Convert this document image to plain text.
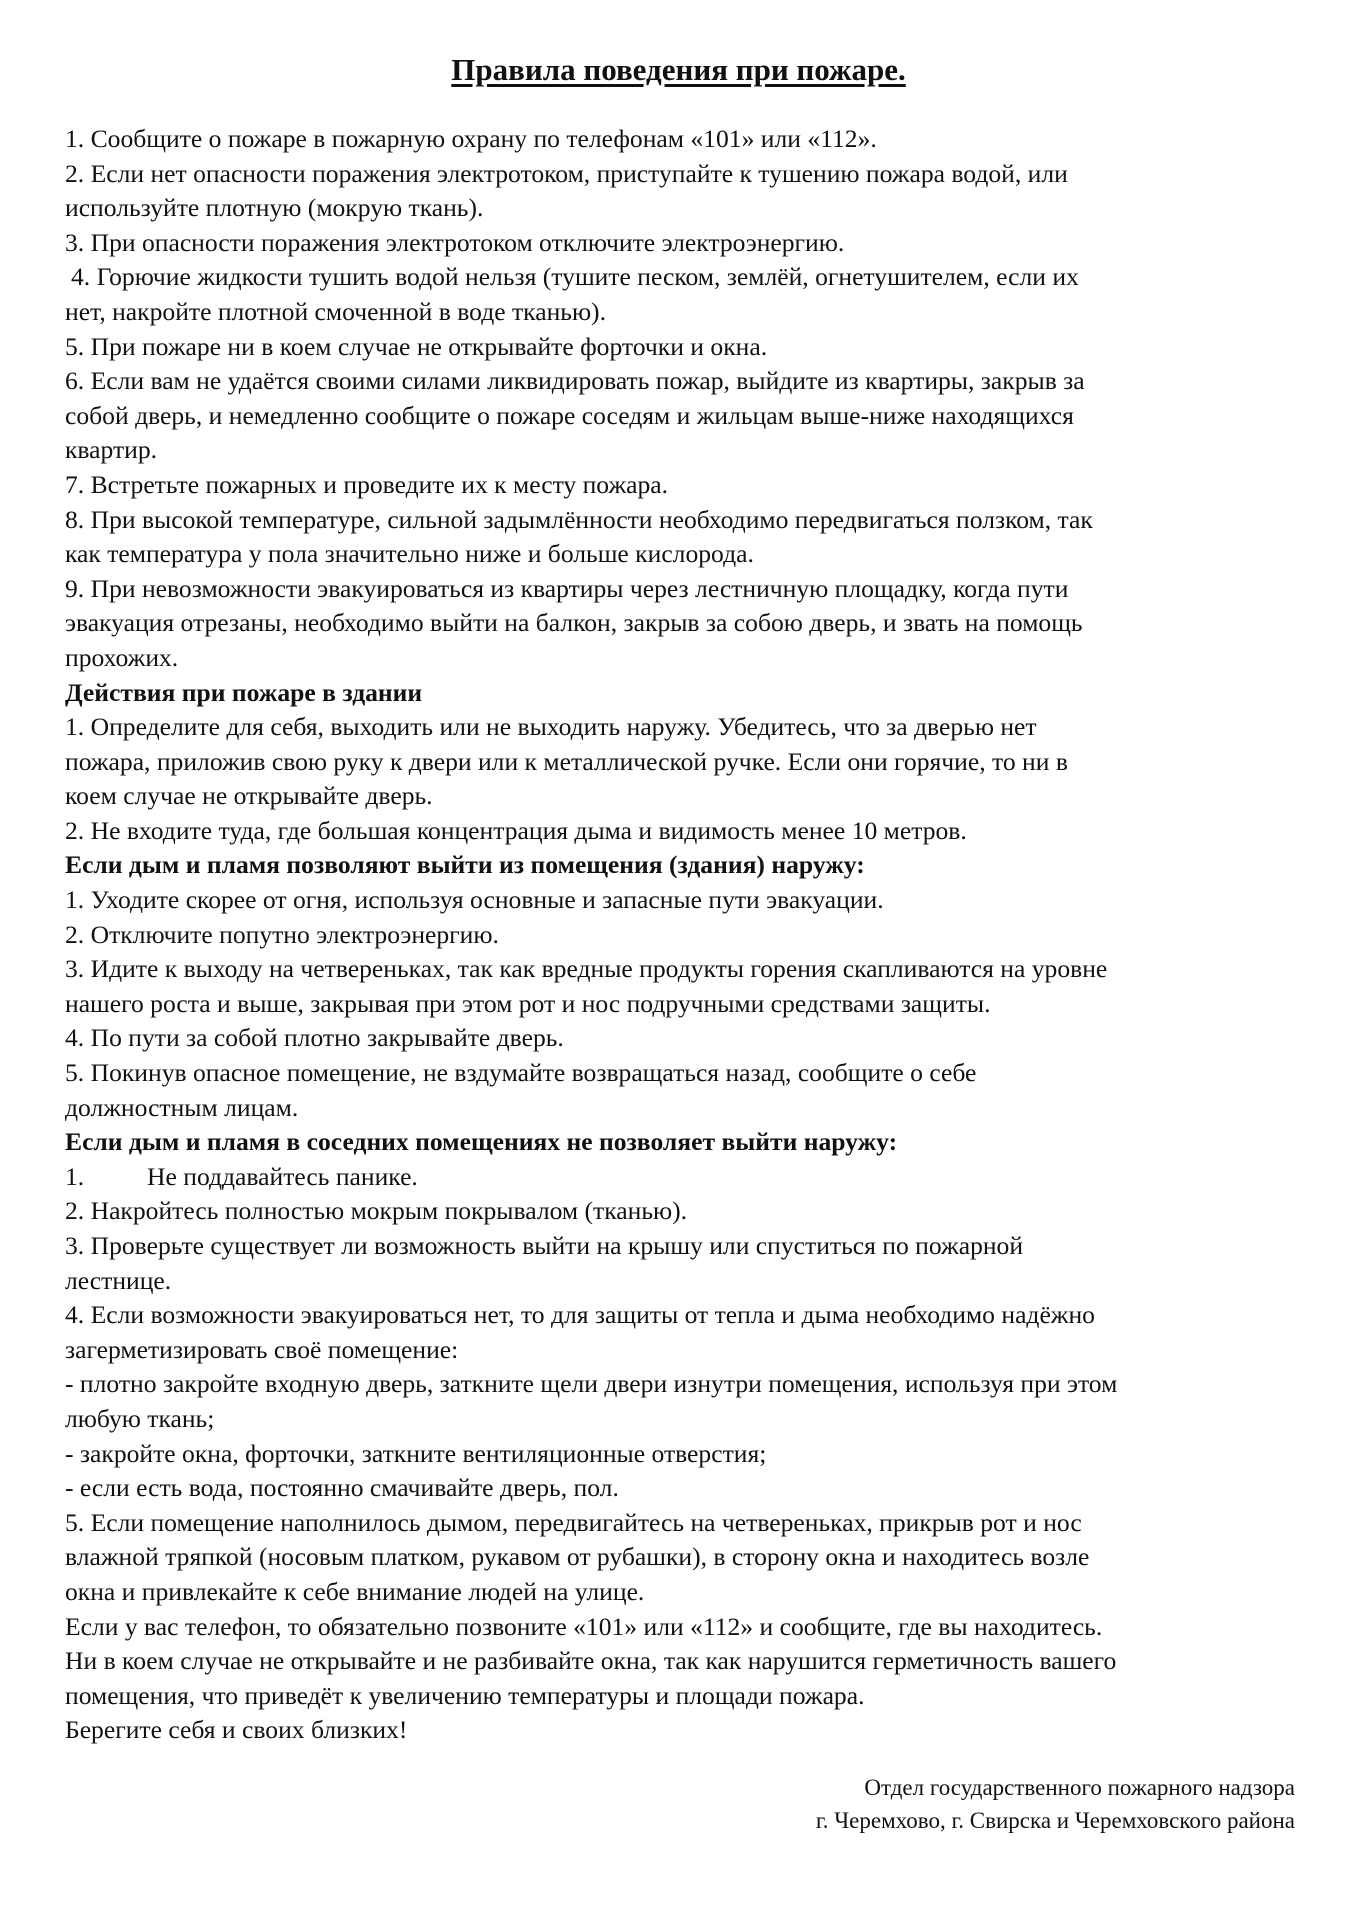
Правила поведения при пожаре.

1. Сообщите о пожаре в пожарную охрану по телефонам «101» или «112».

2. Если нет опасности поражения электротоком, приступайте к тушению пожара водой, или

используйте плотную (мокрую ткань).

3. При опасности поражения электротоком отключите электроэнергию.

4. Горючие жидкости тушить водой нельзя (тушите песком, землёй, огнетушителем, если их

нет, накройте плотной смоченной в воде тканью).

5. При пожаре ни в коем случае не открывайте форточки и окна.

6. Если вам не удаётся своими силами ликвидировать пожар, выйдите из квартиры, закрыв за

собой дверь, и немедленно сообщите о пожаре соседям и жильцам выше-ниже находящихся

квартир.

7. Встретьте пожарных и проведите их к месту пожара.

8. При высокой температуре, сильной задымлённости необходимо передвигаться ползком, так

как температура у пола значительно ниже и больше кислорода.

9. При невозможности эвакуироваться из квартиры через лестничную площадку, когда пути

эвакуация отрезаны, необходимо выйти на балкон, закрыв за собою дверь, и звать на помощь

прохожих.

Действия при пожаре в здании

1. Определите для себя, выходить или не выходить наружу. Убедитесь, что за дверью нет

пожара, приложив свою руку к двери или к металлической ручке. Если они горячие, то ни в

коем случае не открывайте дверь.

2. Не входите туда, где большая концентрация дыма и видимость менее 10 метров.

Если дым и пламя позволяют выйти из помещения (здания) наружу:

1. Уходите скорее от огня, используя основные и запасные пути эвакуации.

2. Отключите попутно электроэнергию.

3. Идите к выходу на четвереньках, так как вредные продукты горения скапливаются на уровне

нашего роста и выше, закрывая при этом рот и нос подручными средствами защиты.

4. По пути за собой плотно закрывайте дверь.

5. Покинув опасное помещение, не вздумайте возвращаться назад, сообщите о себе

должностным лицам.

Если дым и пламя в соседних помещениях не позволяет выйти наружу:

1. Не поддавайтесь панике.

2. Накройтесь полностью мокрым покрывалом (тканью).

3. Проверьте существует ли возможность выйти на крышу или спуститься по пожарной

лестнице.

4. Если возможности эвакуироваться нет, то для защиты от тепла и дыма необходимо надёжно

загерметизировать своё помещение:

- плотно закройте входную дверь, заткните щели двери изнутри помещения, используя при этом

любую ткань;

- закройте окна, форточки, заткните вентиляционные отверстия;

- если есть вода, постоянно смачивайте дверь, пол.

5. Если помещение наполнилось дымом, передвигайтесь на четвереньках, прикрыв рот и нос

влажной тряпкой (носовым платком, рукавом от рубашки), в сторону окна и находитесь возле

окна и привлекайте к себе внимание людей на улице.

Если у вас телефон, то обязательно позвоните «101» или «112» и сообщите, где вы находитесь.

Ни в коем случае не открывайте и не разбивайте окна, так как нарушится герметичность вашего

помещения, что приведёт к увеличению температуры и площади пожара.

Берегите себя и своих близких!

Отдел государственного пожарного надзора

г. Черемхово, г. Свирска и Черемховского района
